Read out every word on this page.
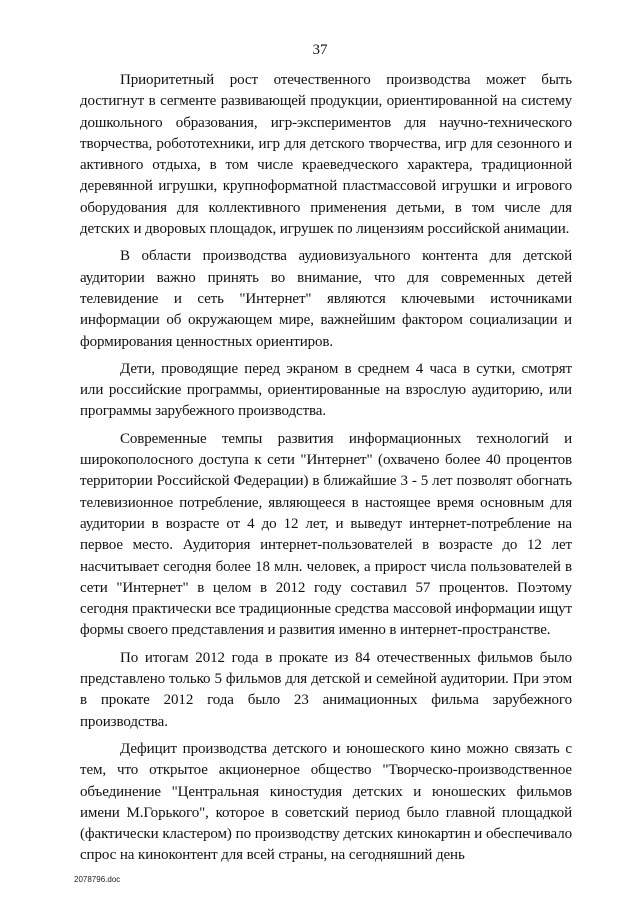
37

Приоритетный рост отечественного производства может быть достигнут в сегменте развивающей продукции, ориентированной на систему дошкольного образования, игр-экспериментов для научно-технического творчества, робототехники, игр для детского творчества, игр для сезонного и активного отдыха, в том числе краеведческого характера, традиционной деревянной игрушки, крупноформатной пластмассовой игрушки и игрового оборудования для коллективного применения детьми, в том числе для детских и дворовых площадок, игрушек по лицензиям российской анимации.

В области производства аудиовизуального контента для детской аудитории важно принять во внимание, что для современных детей телевидение и сеть "Интернет" являются ключевыми источниками информации об окружающем мире, важнейшим фактором социализации и формирования ценностных ориентиров.

Дети, проводящие перед экраном в среднем 4 часа в сутки, смотрят или российские программы, ориентированные на взрослую аудиторию, или программы зарубежного производства.

Современные темпы развития информационных технологий и широкополосного доступа к сети "Интернет" (охвачено более 40 процентов территории Российской Федерации) в ближайшие 3 - 5 лет позволят обогнать телевизионное потребление, являющееся в настоящее время основным для аудитории в возрасте от 4 до 12 лет, и выведут интернет-потребление на первое место. Аудитория интернет-пользователей в возрасте до 12 лет насчитывает сегодня более 18 млн. человек, а прирост числа пользователей в сети "Интернет" в целом в 2012 году составил 57 процентов. Поэтому сегодня практически все традиционные средства массовой информации ищут формы своего представления и развития именно в интернет-пространстве.

По итогам 2012 года в прокате из 84 отечественных фильмов было представлено только 5 фильмов для детской и семейной аудитории. При этом в прокате 2012 года было 23 анимационных фильма зарубежного производства.

Дефицит производства детского и юношеского кино можно связать с тем, что открытое акционерное общество "Творческо-производственное объединение "Центральная киностудия детских и юношеских фильмов имени М.Горького", которое в советский период было главной площадкой (фактически кластером) по производству детских кинокартин и обеспечивало спрос на киноконтент для всей страны, на сегодняшний день

2078796.doc
